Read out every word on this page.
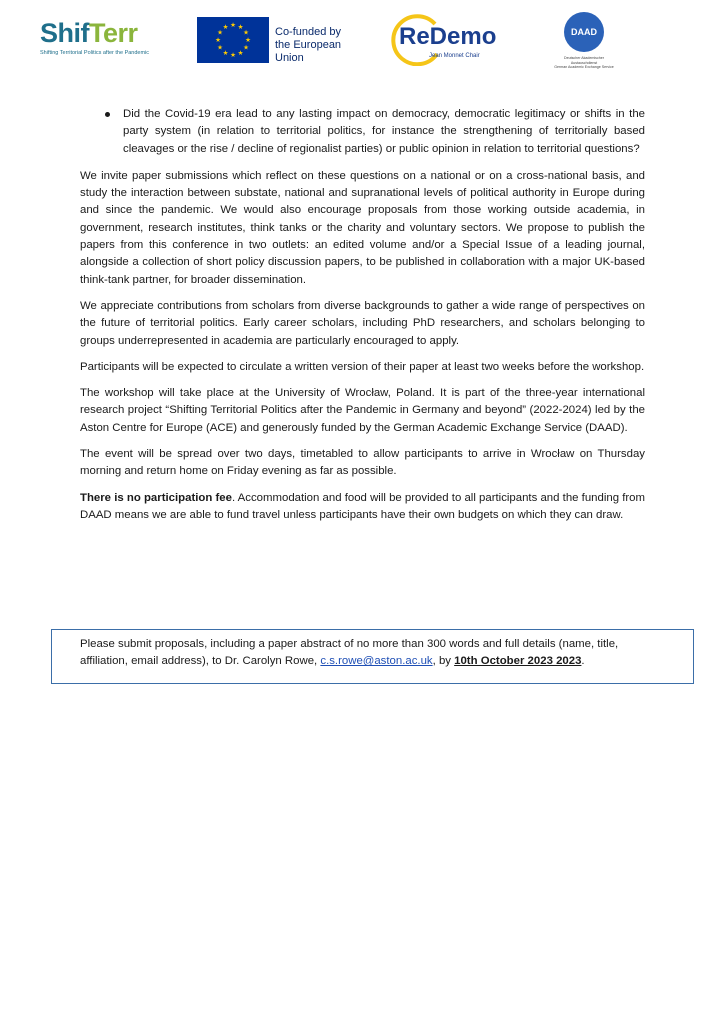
ShifTerr
Shifting Territorial Politics after the Pandemic
★ ★
★
★
★
★
★
★
★
★
★
★	Co-funded by
the European Union
ReDemo
Jean Monnet Chair
DAAD
Deutscher Akademischer Austauschdienst
German Academic Exchange Service
Did the Covid-19 era lead to any lasting impact on democracy, democratic legitimacy or shifts in the party system (in relation to territorial politics, for instance the strengthening of territorially based cleavages or the rise / decline of regionalist parties) or public opinion in relation to territorial questions?

We invite paper submissions which reflect on these questions on a national or on a cross-national basis, and study the interaction between substate, national and supranational levels of political authority in Europe during and since the pandemic. We would also encourage proposals from those working outside academia, in government, research institutes, think tanks or the charity and voluntary sectors. We propose to publish the papers from this conference in two outlets: an edited volume and/or a Special Issue of a leading journal, alongside a collection of short policy discussion papers, to be published in collaboration with a major UK-based think-tank partner, for broader dissemination.

We appreciate contributions from scholars from diverse backgrounds to gather a wide range of perspectives on the future of territorial politics. Early career scholars, including PhD researchers, and scholars belonging to groups underrepresented in academia are particularly encouraged to apply.

Participants will be expected to circulate a written version of their paper at least two weeks before the workshop.

The workshop will take place at the University of Wrocław, Poland. It is part of the three-year international research project “Shifting Territorial Politics after the Pandemic in Germany and beyond” (2022-2024) led by the Aston Centre for Europe (ACE) and generously funded by the German Academic Exchange Service (DAAD).

The event will be spread over two days, timetabled to allow participants to arrive in Wrocław on Thursday morning and return home on Friday evening as far as possible.

There is no participation fee. Accommodation and food will be provided to all participants and the funding from DAAD means we are able to fund travel unless participants have their own budgets on which they can draw.

Please submit proposals, including a paper abstract of no more than 300 words and full details (name, title, affiliation, email address), to Dr. Carolyn Rowe, c.s.rowe@aston.ac.uk, by 10th October 2023 2023.
